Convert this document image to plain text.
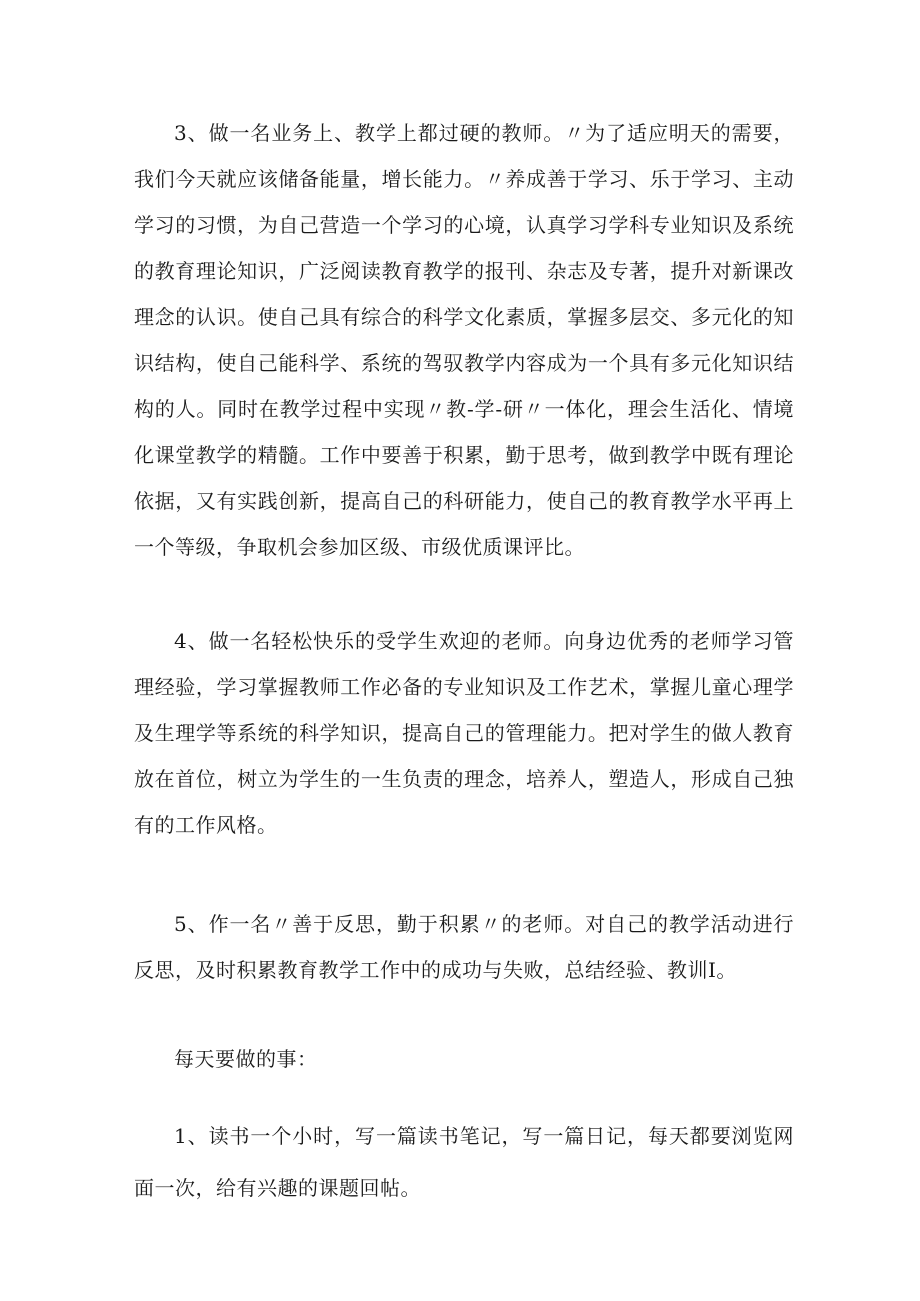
3、做一名业务上、教学上都过硬的教师。〃为了适应明天的需要，我们今天就应该储备能量，增长能力。〃养成善于学习、乐于学习、主动学习的习惯，为自己营造一个学习的心境，认真学习学科专业知识及系统的教育理论知识，广泛阅读教育教学的报刊、杂志及专著，提升对新课改理念的认识。使自己具有综合的科学文化素质，掌握多层交、多元化的知识结构，使自己能科学、系统的驾驭教学内容成为一个具有多元化知识结构的人。同时在教学过程中实现〃教-学-研〃一体化，理会生活化、情境化课堂教学的精髓。工作中要善于积累，勤于思考，做到教学中既有理论依据，又有实践创新，提高自己的科研能力，使自己的教育教学水平再上一个等级，争取机会参加区级、市级优质课评比。

4、做一名轻松快乐的受学生欢迎的老师。向身边优秀的老师学习管理经验，学习掌握教师工作必备的专业知识及工作艺术，掌握儿童心理学及生理学等系统的科学知识，提高自己的管理能力。把对学生的做人教育放在首位，树立为学生的一生负责的理念，培养人，塑造人，形成自己独有的工作风格。

5、作一名〃善于反思，勤于积累〃的老师。对自己的教学活动进行反思，及时积累教育教学工作中的成功与失败，总结经验、教训I。

每天要做的事：

1、读书一个小时，写一篇读书笔记，写一篇日记，每天都要浏览网面一次，给有兴趣的课题回帖。
